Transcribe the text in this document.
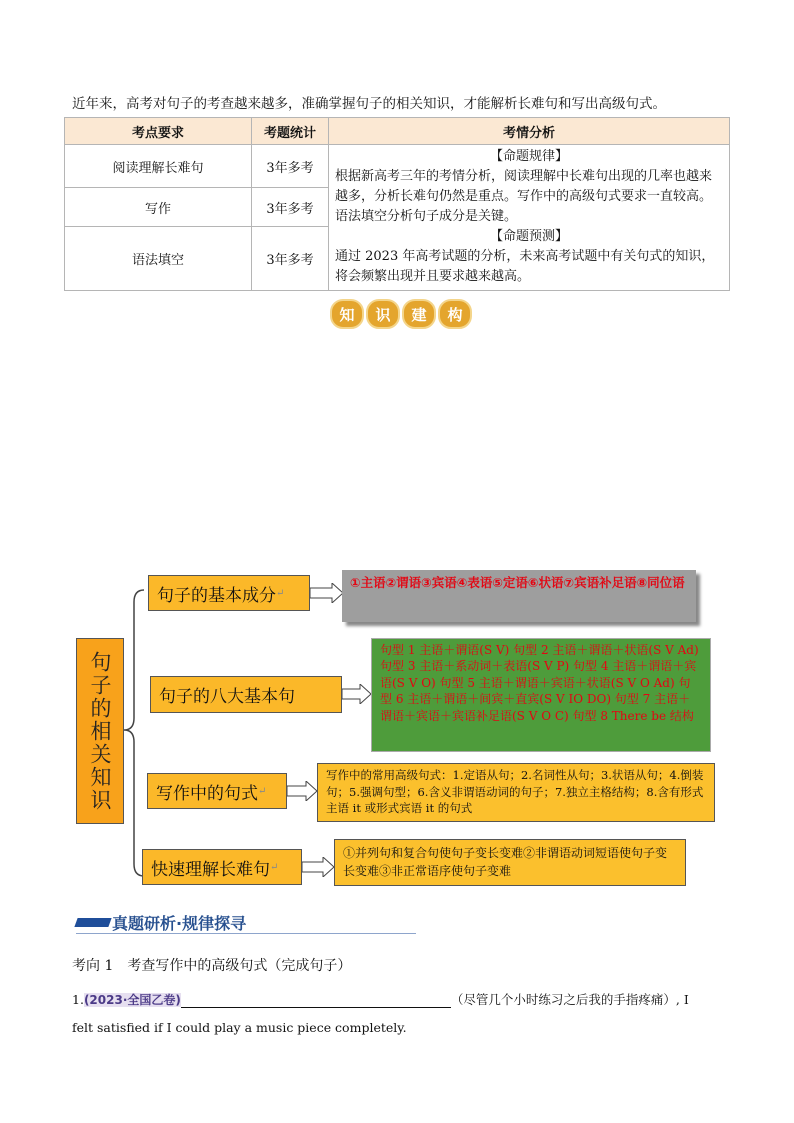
近年来，高考对句子的考查越来越多，准确掌握句子的相关知识，才能解析长难句和写出高级句式。
考点要求	考题统计	考情分析
阅读理解长难句	3年多考	【命题规律】
根据新高考三年的考情分析，阅读理解中长难句出现的几率也越来越多，分析长难句仍然是重点。写作中的高级句式要求一直较高。语法填空分析句子成分是关键。
【命题预测】
通过 2023 年高考试题的分析，未来高考试题中有关句式的知识，将会频繁出现并且要求越来越高。

写作	3年多考	
语法填空	3年多考	
知	识	建	构
句子的相关知识
句子的基本成分 ↵
句子的八大基本句
写作中的句式 ↵
快速理解长难句 ↵
①主语②谓语③宾语④表语⑤定语⑥状语⑦宾语补足语⑧同位语
句型 1 主语＋谓语(S V) 句型 2 主语＋谓语＋状语(S V Ad) 句型 3 主语＋系动词＋表语(S V P) 句型 4 主语＋谓语＋宾语(S V O) 句型 5 主语＋谓语＋宾语＋状语(S V O Ad) 句型 6 主语＋谓语＋间宾＋直宾(S V IO DO) 句型 7 主语＋谓语＋宾语＋宾语补足语(S V O C) 句型 8 There be 结构
写作中的常用高级句式：1.定语从句；2.名词性从句；3.状语从句；4.倒装句；5.强调句型；6.含义非谓语动词的句子；7.独立主格结构；8.含有形式主语 it 或形式宾语 it 的句式
①并列句和复合句使句子变长变难②非谓语动词短语使句子变长变难③非正常语序使句子变难
真题研析·规律探寻
考向 1　考查写作中的高级句式（完成句子）
1.(2023·全国乙卷)	（尽管几个小时练习之后我的手指疼痛）, I
felt satisfied if I could play a music piece completely.
